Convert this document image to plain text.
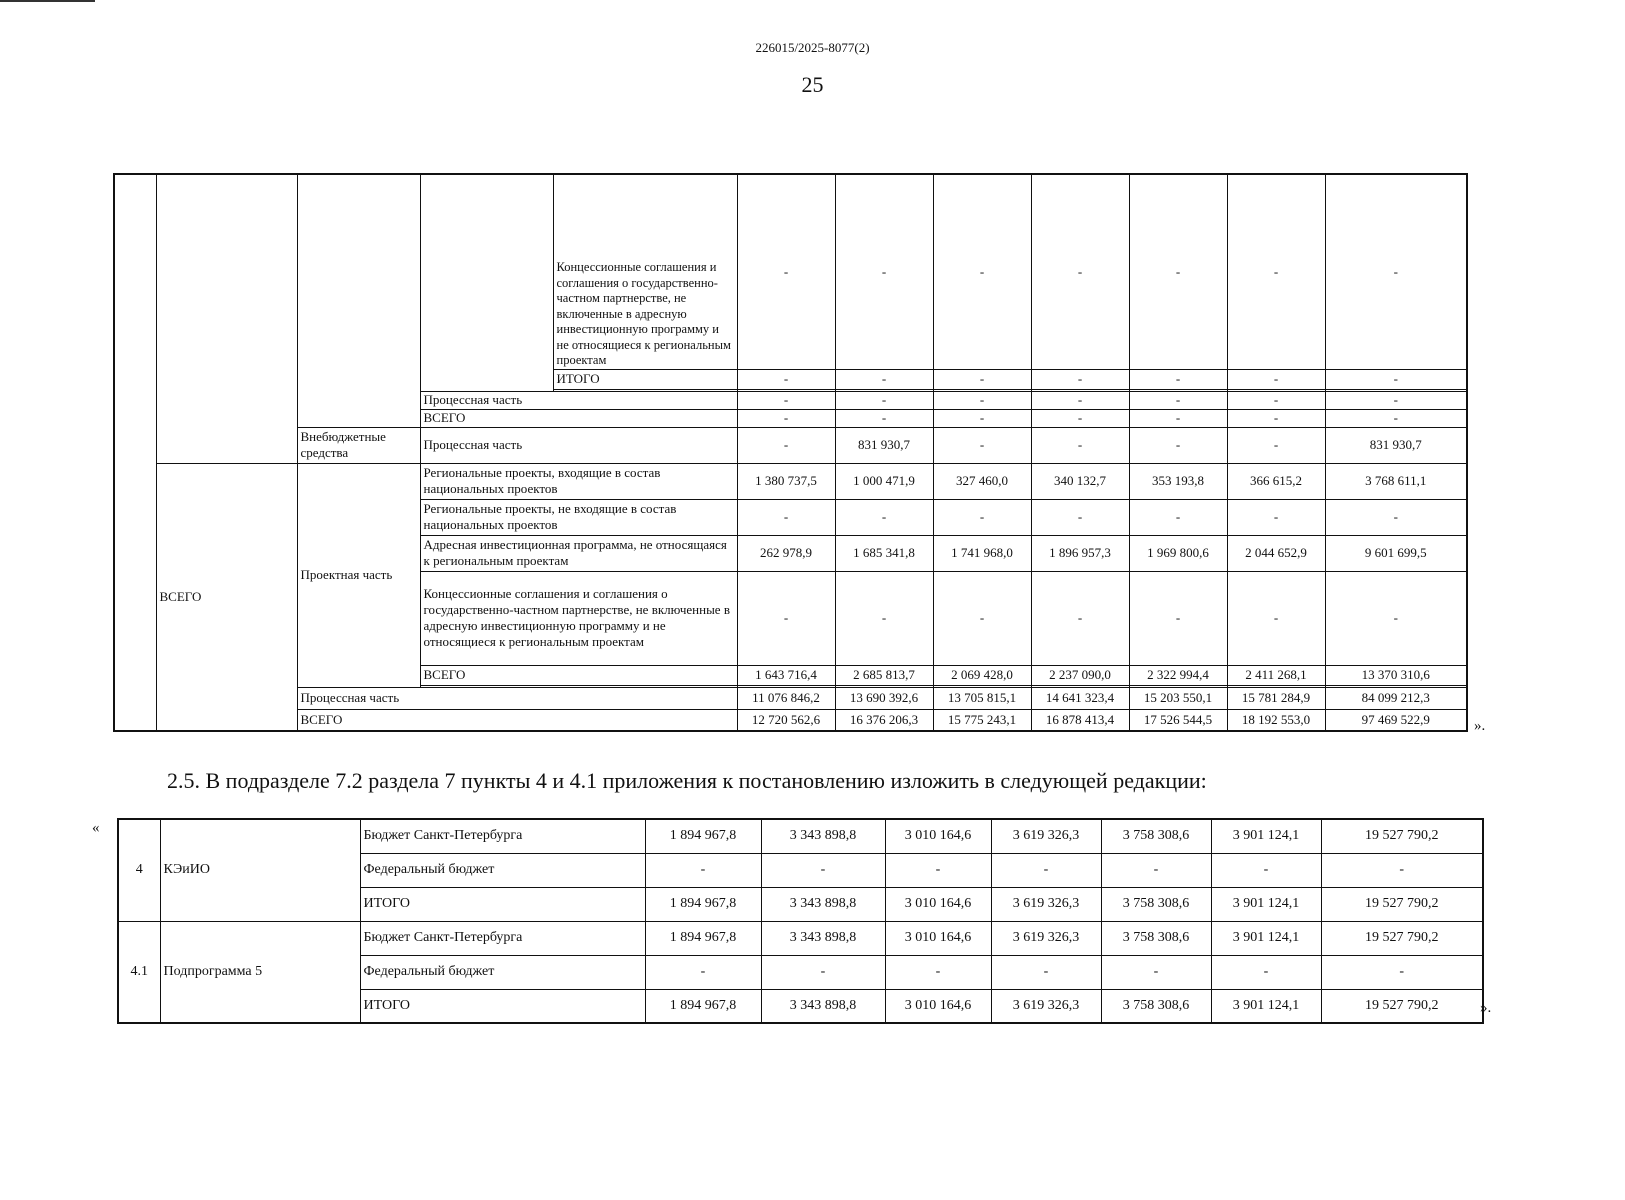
226015/2025-8077(2)
25
				Концессионные соглашения и соглашения о государственно-частном партнерстве, не включенные в адресную инвестиционную программу и не относящиеся к региональным проектам	-	-	-	-	-	-	-
				ИТОГО	-	-	-	-	-	-	-

			Процессная часть		-	-	-	-	-	-	-
			ВСЕГО		-	-	-	-	-	-	-
		Внебюджетные средства	Процессная часть		-	831 930,7	-	-	-	-	831 930,7
	ВСЕГО	Проектная часть	Региональные проекты, входящие в состав национальных проектов		1 380 737,5	1 000 471,9	327 460,0	340 132,7	353 193,8	366 615,2	3 768 611,1
			Региональные проекты, не входящие в состав национальных проектов		-	-	-	-	-	-	-
			Адресная инвестиционная программа, не относящаяся к региональным проектам		262 978,9	1 685 341,8	1 741 968,0	1 896 957,3	1 969 800,6	2 044 652,9	9 601 699,5
			Концессионные соглашения и соглашения о государственно-частном партнерстве, не включенные в адресную инвестиционную программу и не относящиеся к региональным проектам		-	-	-	-	-	-	-
			ВСЕГО		1 643 716,4	2 685 813,7	2 069 428,0	2 237 090,0	2 322 994,4	2 411 268,1	13 370 310,6

		Процессная часть			11 076 846,2	13 690 392,6	13 705 815,1	14 641 323,4	15 203 550,1	15 781 284,9	84 099 212,3
		ВСЕГО			12 720 562,6	16 376 206,3	15 775 243,1	16 878 413,4	17 526 544,5	18 192 553,0	97 469 522,9	».
2.5. В подразделе 7.2 раздела 7 пункты 4 и 4.1 приложения к постановлению изложить в следующей редакции:
«
4	КЭиИО	Бюджет Санкт-Петербурга	1 894 967,8	3 343 898,8	3 010 164,6	3 619 326,3	3 758 308,6	3 901 124,1	19 527 790,2
		Федеральный бюджет	-	-	-	-	-	-	-
		ИТОГО	1 894 967,8	3 343 898,8	3 010 164,6	3 619 326,3	3 758 308,6	3 901 124,1	19 527 790,2
4.1	Подпрограмма 5	Бюджет Санкт-Петербурга	1 894 967,8	3 343 898,8	3 010 164,6	3 619 326,3	3 758 308,6	3 901 124,1	19 527 790,2
		Федеральный бюджет	-	-	-	-	-	-	-
		ИТОГО	1 894 967,8	3 343 898,8	3 010 164,6	3 619 326,3	3 758 308,6	3 901 124,1	19 527 790,2	».
